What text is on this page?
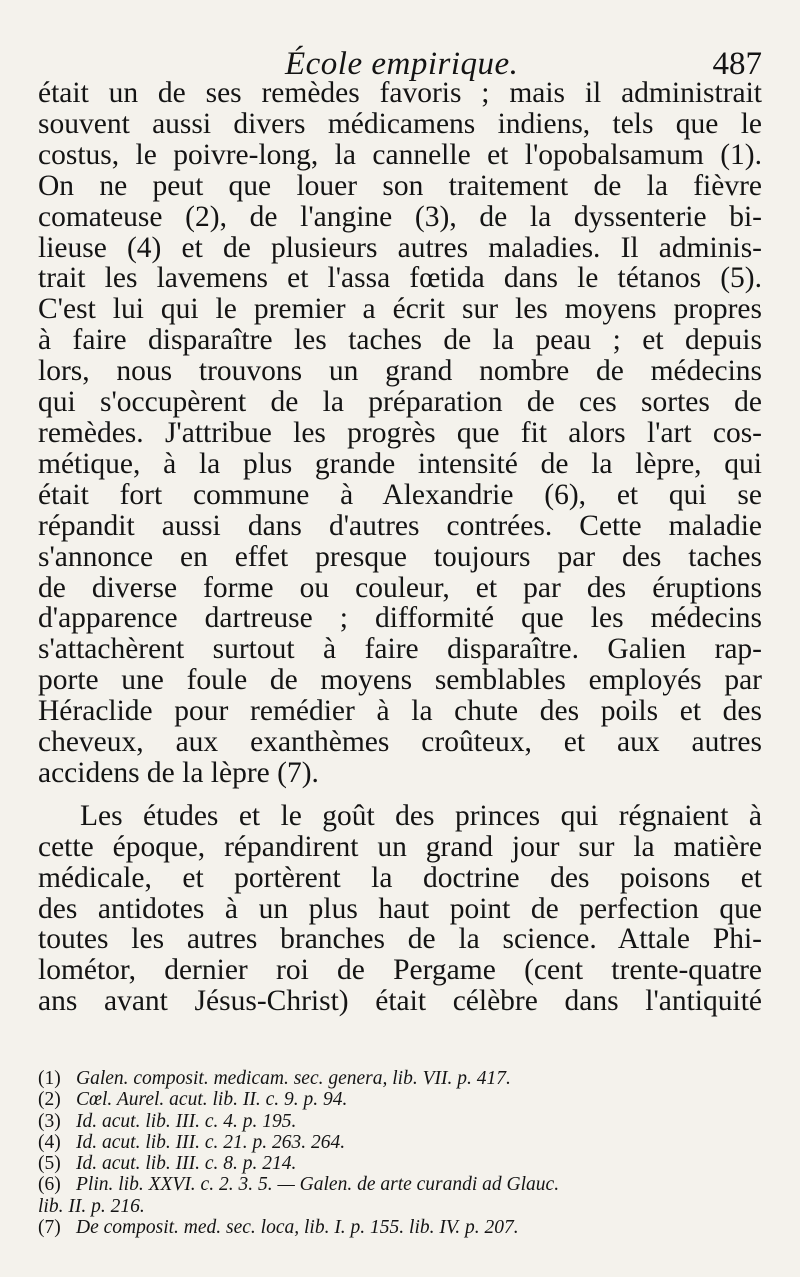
École empirique.	487
était un de ses remèdes favoris ; mais il administrait
souvent aussi divers médicamens indiens, tels que le
costus, le poivre-long, la cannelle et l'opobalsamum (1).
On ne peut que louer son traitement de la fièvre
comateuse (2), de l'angine (3), de la dyssenterie bi-
lieuse (4) et de plusieurs autres maladies. Il adminis-
trait les lavemens et l'assa fœtida dans le tétanos (5).
C'est lui qui le premier a écrit sur les moyens propres
à faire disparaître les taches de la peau ; et depuis
lors, nous trouvons un grand nombre de médecins
qui s'occupèrent de la préparation de ces sortes de
remèdes. J'attribue les progrès que fit alors l'art cos-
métique, à la plus grande intensité de la lèpre, qui
était fort commune à Alexandrie (6), et qui se
répandit aussi dans d'autres contrées. Cette maladie
s'annonce en effet presque toujours par des taches
de diverse forme ou couleur, et par des éruptions
d'apparence dartreuse ; difformité que les médecins
s'attachèrent surtout à faire disparaître. Galien rap-
porte une foule de moyens semblables employés par
Héraclide pour remédier à la chute des poils et des
cheveux, aux exanthèmes croûteux, et aux autres
accidens de la lèpre (7).
Les études et le goût des princes qui régnaient à
cette époque, répandirent un grand jour sur la matière
médicale, et portèrent la doctrine des poisons et
des antidotes à un plus haut point de perfection que
toutes les autres branches de la science. Attale Phi-
lométor, dernier roi de Pergame (cent trente-quatre
ans avant Jésus-Christ) était célèbre dans l'antiquité
(1) Galen. composit. medicam. sec. genera, lib. VII. p. 417.
(2) Cœl. Aurel. acut. lib. II. c. 9. p. 94.
(3) Id. acut. lib. III. c. 4. p. 195.
(4) Id. acut. lib. III. c. 21. p. 263. 264.
(5) Id. acut. lib. III. c. 8. p. 214.
(6) Plin. lib. XXVI. c. 2. 3. 5. — Galen. de arte curandi ad Glauc.
lib. II. p. 216.
(7) De composit. med. sec. loca, lib. I. p. 155. lib. IV. p. 207.
